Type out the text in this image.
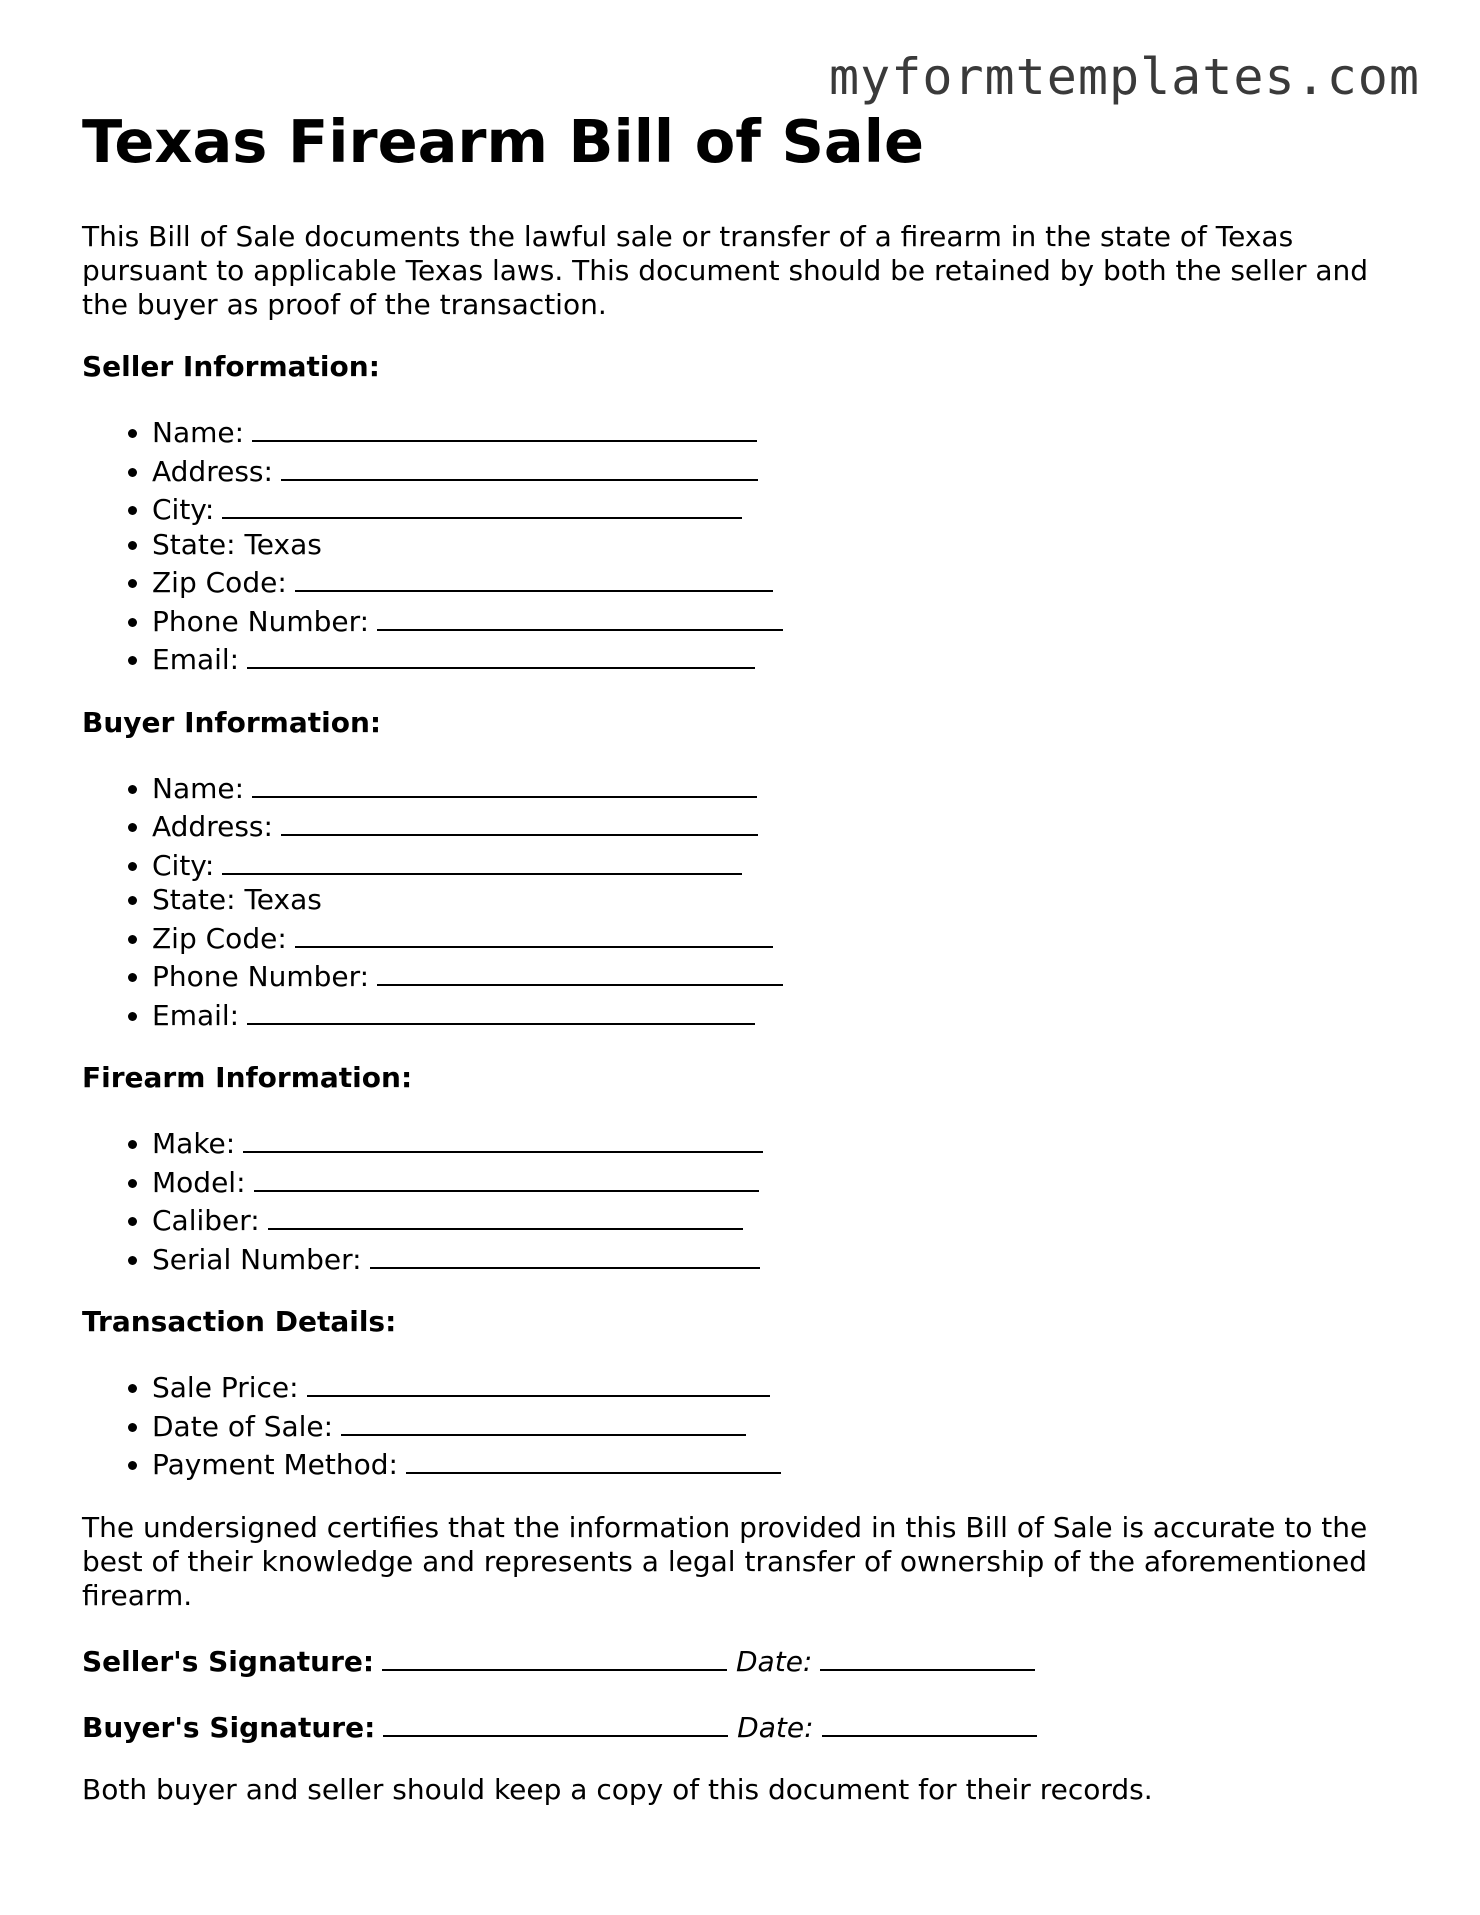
myformtemplates.com
Texas Firearm Bill of Sale

This Bill of Sale documents the lawful sale or transfer of a firearm in the state of Texas pursuant to applicable Texas laws. This document should be retained by both the seller and the buyer as proof of the transaction.

Seller Information:

• Name:
• Address:
• City:
• State: Texas
• Zip Code:
• Phone Number:
• Email:

Buyer Information:

• Name:
• Address:
• City:
• State: Texas
• Zip Code:
• Phone Number:
• Email:

Firearm Information:

• Make:
• Model:
• Caliber:
• Serial Number:

Transaction Details:

• Sale Price:
• Date of Sale:
• Payment Method:

The undersigned certifies that the information provided in this Bill of Sale is accurate to the best of their knowledge and represents a legal transfer of ownership of the aforementioned firearm.

Seller's Signature:	Date:

Buyer's Signature:	Date:

Both buyer and seller should keep a copy of this document for their records.
